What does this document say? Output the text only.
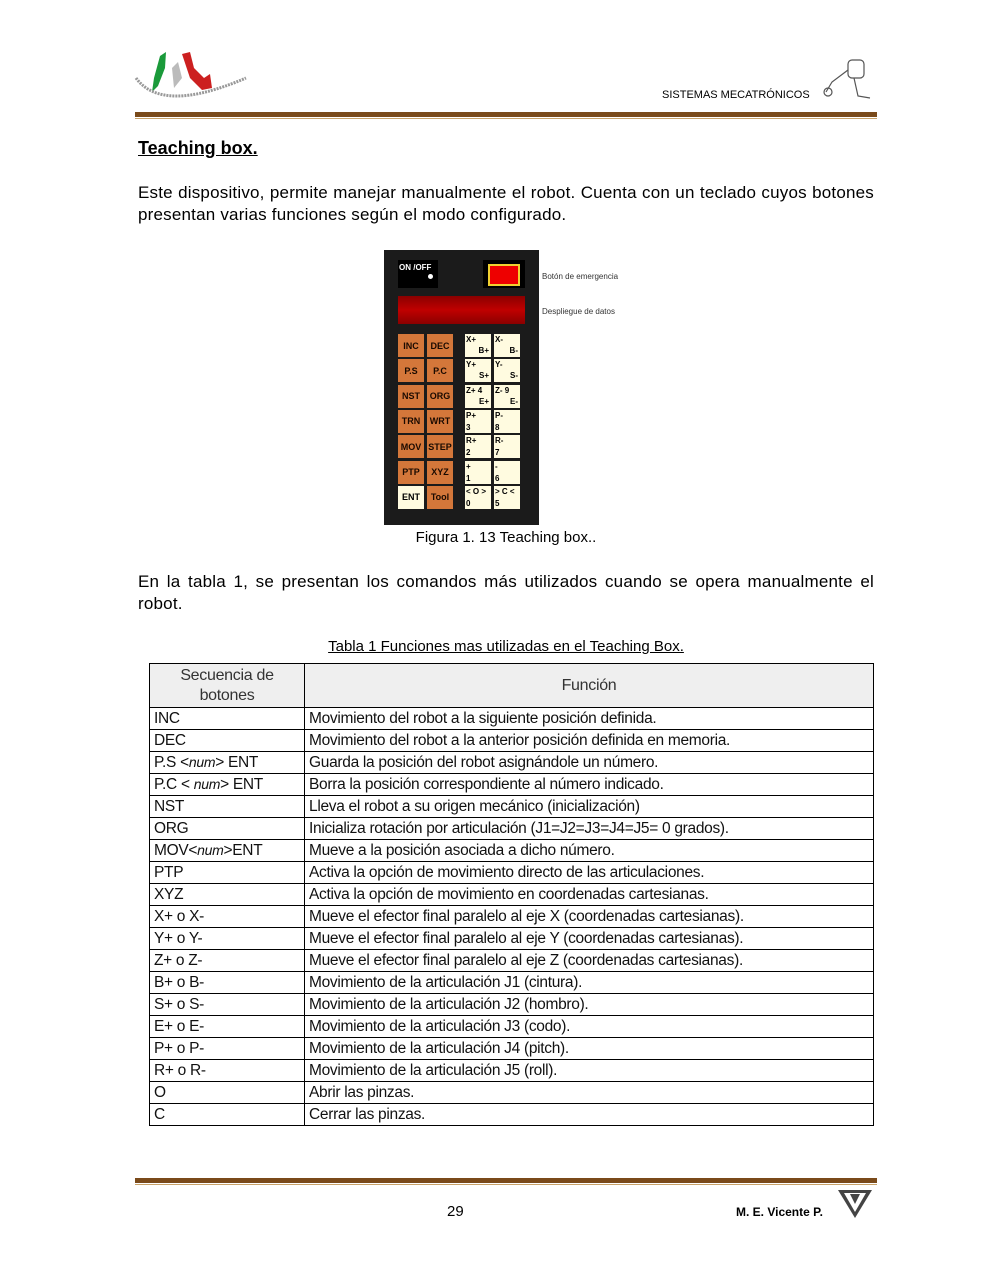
SISTEMAS MECATRÓNICOS
Teaching box.
Este dispositivo, permite manejar manualmente el robot. Cuenta con un teclado cuyos botones presentan varias funciones según el modo configurado.
ON /OFF
Botón de emergencia
Despliegue de datos
INC	DEC
P.S	P.C
NST	ORG
TRN	WRT
MOV STEP
PTP	XYZ
ENT	Tool
X+
B+
X-
B-
Y+
S+
Y-
S-
Z+ 4
E+
Z- 9
E-
P+
3
P-
8
R+
2
R-
7
+
1
-
6
< O >
0
> C <
5
Figura 1. 13 Teaching box..
En la tabla 1, se presentan los comandos más utilizados cuando se opera manualmente el robot.
Tabla 1 Funciones mas utilizadas en el Teaching Box.
Secuencia de botones	Función
INC	Movimiento del robot a la siguiente posición definida.
DEC	Movimiento del robot a la anterior posición definida en memoria.
P.S <num> ENT	Guarda la posición del robot asignándole un número.
P.C < num> ENT	Borra la posición correspondiente al número indicado.
NST	Lleva el robot a su origen mecánico (inicialización)
ORG	Inicializa rotación por articulación (J1=J2=J3=J4=J5= 0 grados).
MOV<num>ENT	Mueve a la posición asociada a dicho número.
PTP	Activa la opción de movimiento directo de las articulaciones.
XYZ	Activa la opción de movimiento en coordenadas cartesianas.
X+ o X-	Mueve el efector final paralelo al eje X (coordenadas cartesianas).
Y+ o Y-	Mueve el efector final paralelo al eje Y (coordenadas cartesianas).
Z+ o Z-	Mueve el efector final paralelo al eje Z (coordenadas cartesianas).
B+ o B-	Movimiento de la articulación J1 (cintura).
S+ o S-	Movimiento de la articulación J2 (hombro).
E+ o E-	Movimiento de la articulación J3 (codo).
P+ o P-	Movimiento de la articulación J4 (pitch).
R+ o R-	Movimiento de la articulación J5 (roll).
O	Abrir las pinzas.
C	Cerrar las pinzas.
29	M. E. Vicente P.
